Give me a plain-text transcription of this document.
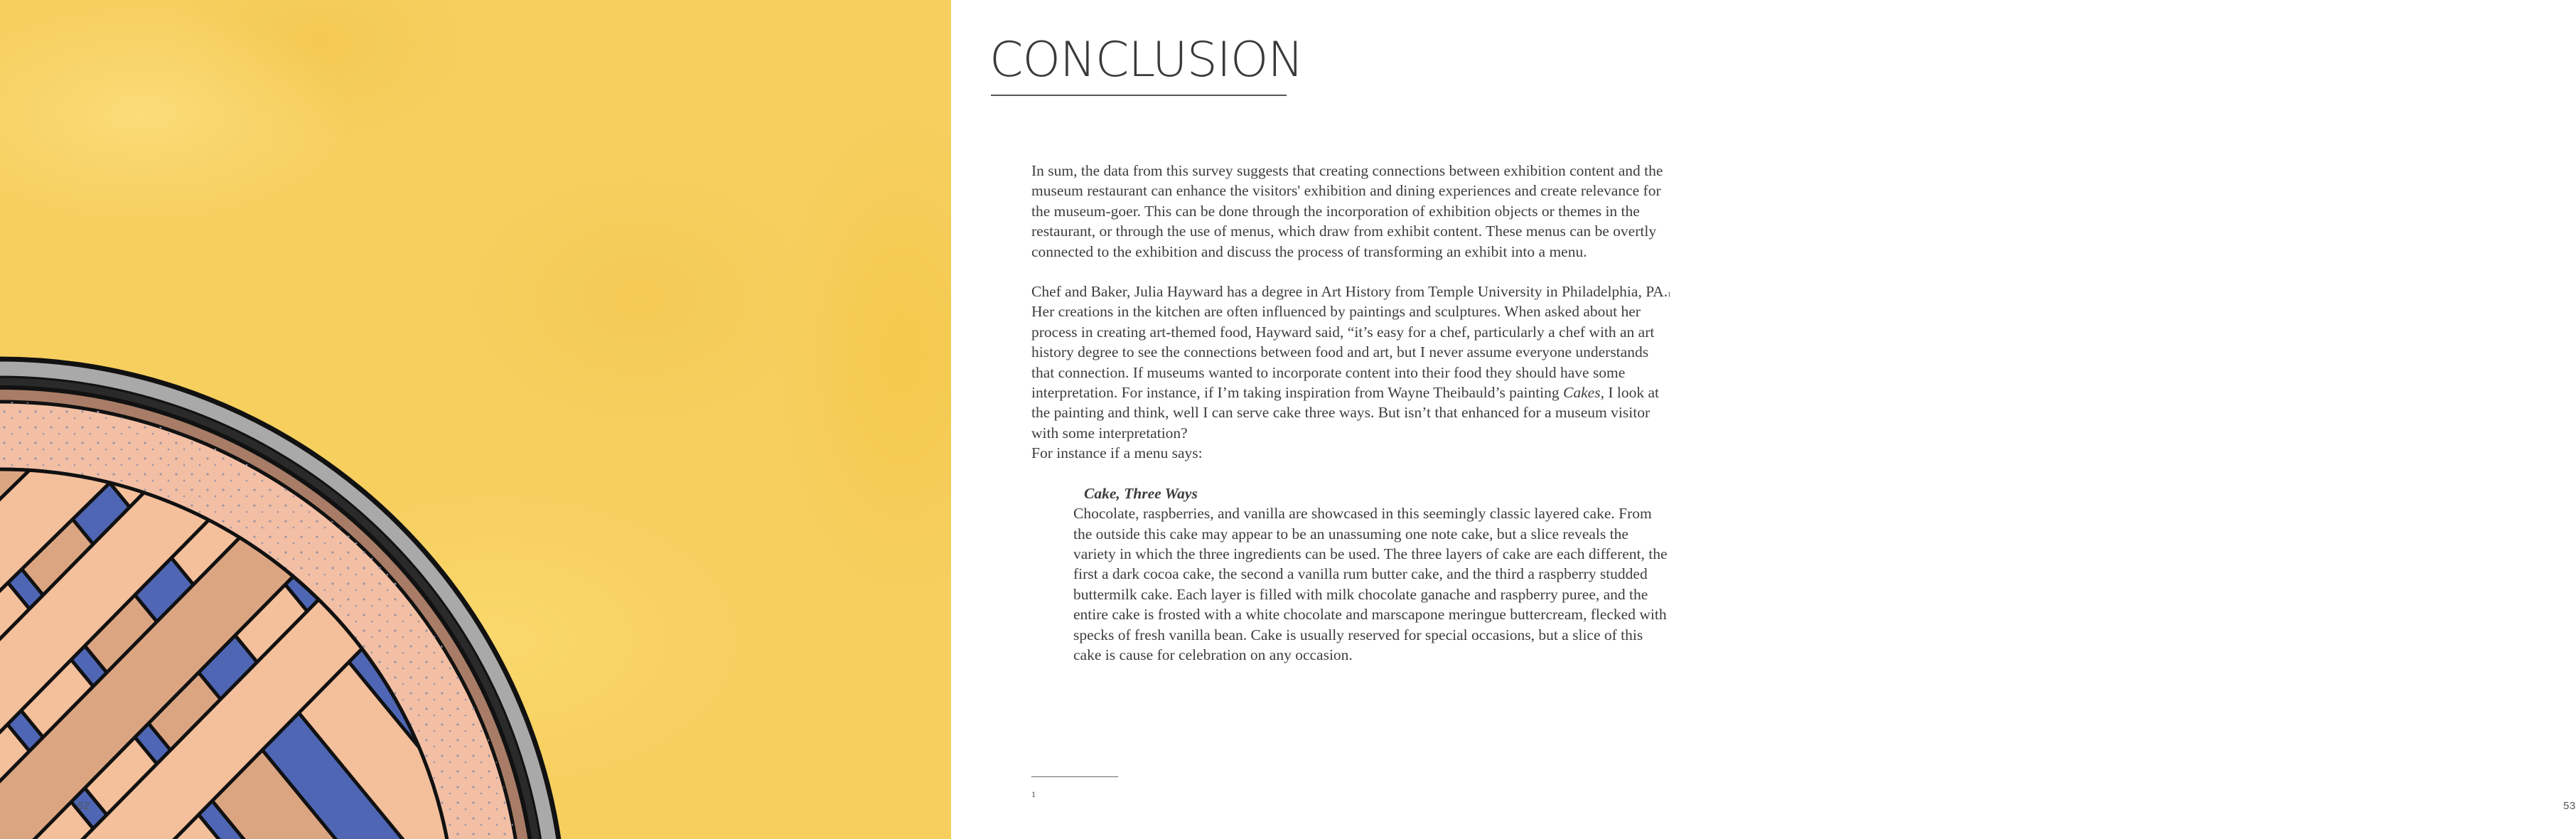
52
CONCLUSION

In sum, the data from this survey suggests that creating connections between exhibition content and the museum restaurant can enhance the visitors' exhibition and dining experiences and create relevance for the museum-goer. This can be done through the incorporation of exhibition objects or themes in the restaurant, or through the use of menus, which draw from exhibit content. These menus can be overtly connected to the exhibition and discuss the process of transforming an exhibit into a menu.

Chef and Baker, Julia Hayward has a degree in Art History from Temple University in Philadelphia, PA.$^1$ Her creations in the kitchen are often influenced by paintings and sculptures. When asked about her process in creating art-themed food, Hayward said, “it’s easy for a chef, particularly a chef with an art history degree to see the connections between food and art, but I never assume everyone understands that connection. If museums wanted to incorporate content into their food they should have some interpretation. For instance, if I’m taking inspiration from Wayne Theibauld’s painting Cakes, I look at the painting and think, well I can serve cake three ways. But isn’t that enhanced for a museum visitor with some interpretation?

For instance if a menu says:

Cake, Three Ways
Chocolate, raspberries, and vanilla are showcased in this seemingly classic layered cake. From the outside this cake may appear to be an unassuming one note cake, but a slice reveals the variety in which the three ingredients can be used. The three layers of cake are each different, the first a dark cocoa cake, the second a vanilla rum butter cake, and the third a raspberry studded buttermilk cake. Each layer is filled with milk chocolate ganache and raspberry puree, and the entire cake is frosted with a white chocolate and marscapone meringue buttercream, flecked with specks of fresh vanilla bean. Cake is usually reserved for special occasions, but a slice of this cake is cause for celebration on any occasion.
1
53
